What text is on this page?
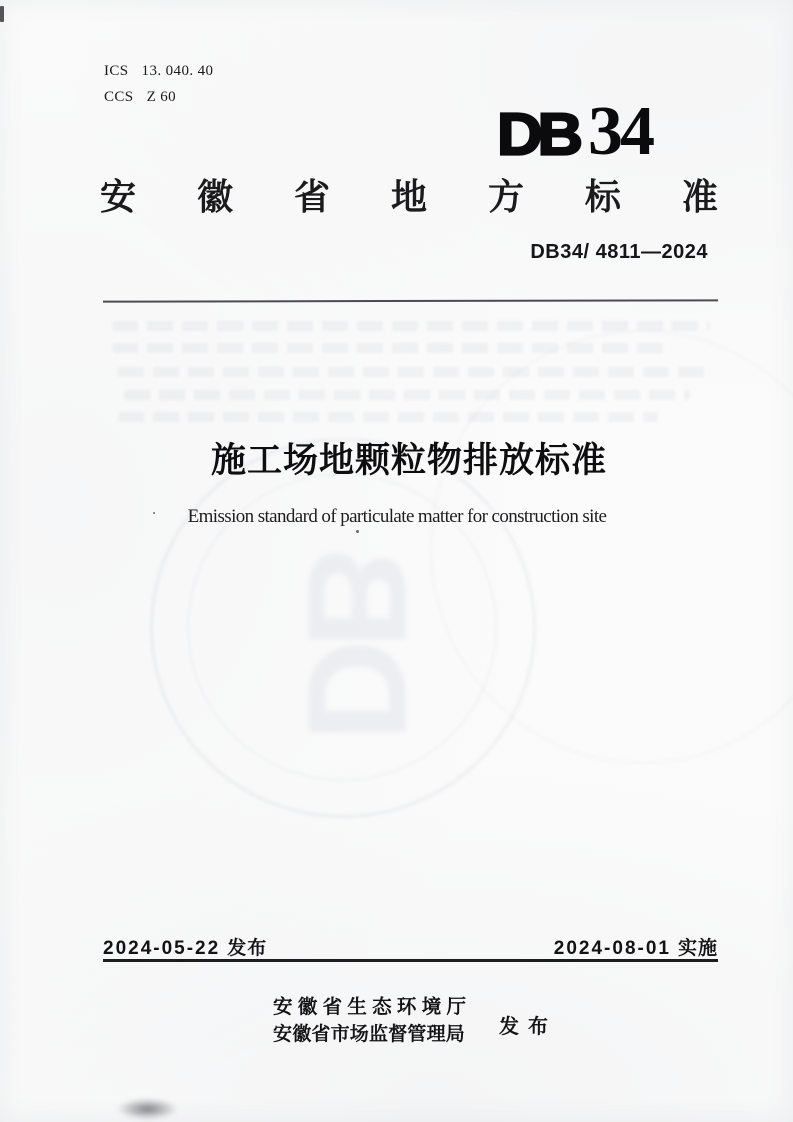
ICS 13. 040. 40
CCS Z 60
DB 34
安 徽 省 地 方 标 准
DB34/ 4811—2024
DB
施工场地颗粒物排放标准
Emission standard of particulate matter for construction site
2024-05-22 发布	2024-08-01 实施
安 徽 省 生 态 环 境 厅
安徽省市场监督管理局 发布
